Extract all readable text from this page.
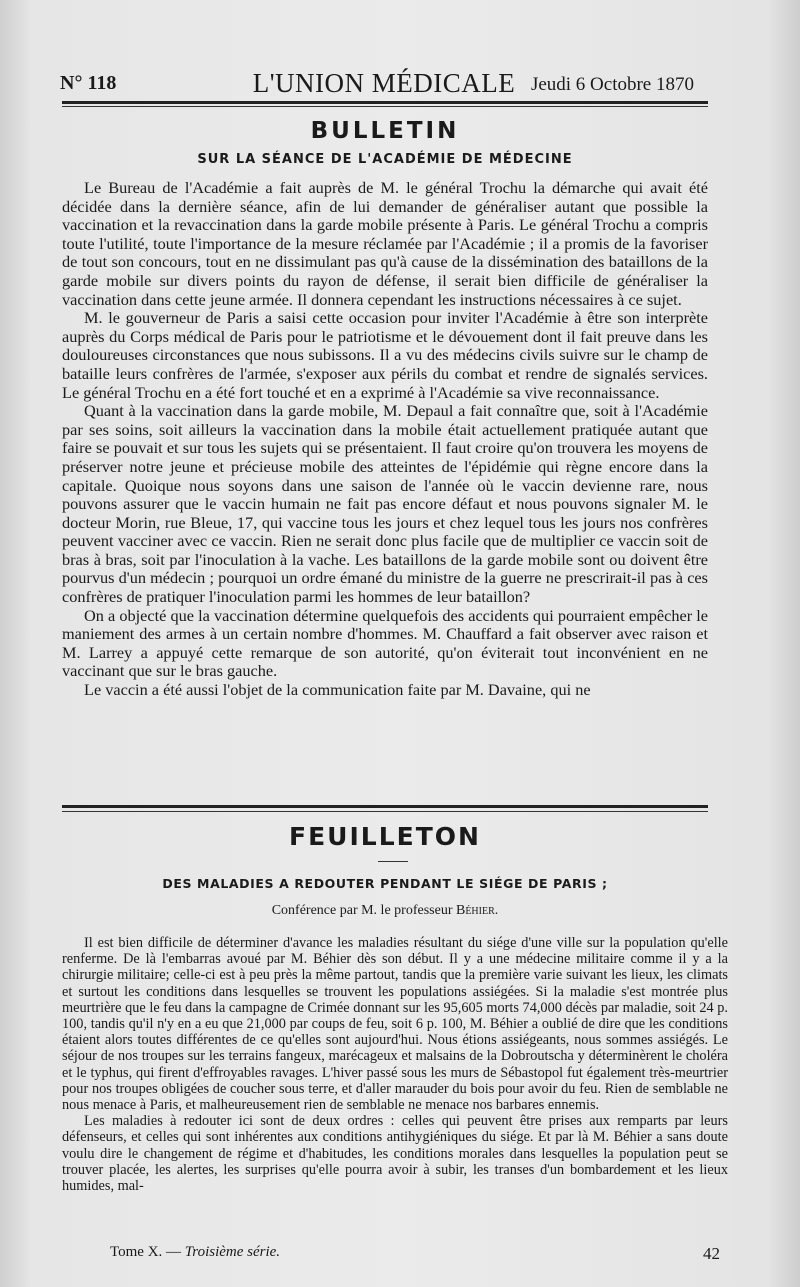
N° 118	L'UNION MÉDICALE Jeudi 6 Octobre 1870
BULLETIN
SUR LA SÉANCE DE L'ACADÉMIE DE MÉDECINE

Le Bureau de l'Académie a fait auprès de M. le général Trochu la démarche qui avait été décidée dans la dernière séance, afin de lui demander de généraliser autant que possible la vaccination et la revaccination dans la garde mobile présente à Paris. Le général Trochu a compris toute l'utilité, toute l'importance de la mesure réclamée par l'Académie ; il a promis de la favoriser de tout son concours, tout en ne dissimulant pas qu'à cause de la dissémination des bataillons de la garde mobile sur divers points du rayon de défense, il serait bien difficile de généraliser la vaccination dans cette jeune armée. Il donnera cependant les instructions nécessaires à ce sujet.

M. le gouverneur de Paris a saisi cette occasion pour inviter l'Académie à être son interprète auprès du Corps médical de Paris pour le patriotisme et le dévouement dont il fait preuve dans les douloureuses circonstances que nous subissons. Il a vu des médecins civils suivre sur le champ de bataille leurs confrères de l'armée, s'exposer aux périls du combat et rendre de signalés services. Le général Trochu en a été fort touché et en a exprimé à l'Académie sa vive reconnaissance.

Quant à la vaccination dans la garde mobile, M. Depaul a fait connaître que, soit à l'Académie par ses soins, soit ailleurs la vaccination dans la mobile était actuellement pratiquée autant que faire se pouvait et sur tous les sujets qui se présentaient. Il faut croire qu'on trouvera les moyens de préserver notre jeune et précieuse mobile des atteintes de l'épidémie qui règne encore dans la capitale. Quoique nous soyons dans une saison de l'année où le vaccin devienne rare, nous pouvons assurer que le vaccin humain ne fait pas encore défaut et nous pouvons signaler M. le docteur Morin, rue Bleue, 17, qui vaccine tous les jours et chez lequel tous les jours nos confrères peuvent vacciner avec ce vaccin. Rien ne serait donc plus facile que de multiplier ce vaccin soit de bras à bras, soit par l'inoculation à la vache. Les bataillons de la garde mobile sont ou doivent être pourvus d'un médecin ; pourquoi un ordre émané du ministre de la guerre ne prescrirait-il pas à ces confrères de pratiquer l'inoculation parmi les hommes de leur bataillon?

On a objecté que la vaccination détermine quelquefois des accidents qui pourraient empêcher le maniement des armes à un certain nombre d'hommes. M. Chauffard a fait observer avec raison et M. Larrey a appuyé cette remarque de son autorité, qu'on éviterait tout inconvénient en ne vaccinant que sur le bras gauche.

Le vaccin a été aussi l'objet de la communication faite par M. Davaine, qui ne

FEUILLETON
DES MALADIES A REDOUTER PENDANT LE SIÉGE DE PARIS ;
Conférence par M. le professeur Béhier.

Il est bien difficile de déterminer d'avance les maladies résultant du siége d'une ville sur la population qu'elle renferme. De là l'embarras avoué par M. Béhier dès son début. Il y a une médecine militaire comme il y a la chirurgie militaire; celle-ci est à peu près la même partout, tandis que la première varie suivant les lieux, les climats et surtout les conditions dans lesquelles se trouvent les populations assiégées. Si la maladie s'est montrée plus meurtrière que le feu dans la campagne de Crimée donnant sur les 95,605 morts 74,000 décès par maladie, soit 24 p. 100, tandis qu'il n'y en a eu que 21,000 par coups de feu, soit 6 p. 100, M. Béhier a oublié de dire que les conditions étaient alors toutes différentes de ce qu'elles sont aujourd'hui. Nous étions assiégeants, nous sommes assiégés. Le séjour de nos troupes sur les terrains fangeux, marécageux et malsains de la Dobroutscha y déterminèrent le choléra et le typhus, qui firent d'effroyables ravages. L'hiver passé sous les murs de Sébastopol fut également très-meurtrier pour nos troupes obligées de coucher sous terre, et d'aller marauder du bois pour avoir du feu. Rien de semblable ne nous menace à Paris, et malheureusement rien de semblable ne menace nos barbares ennemis.

Les maladies à redouter ici sont de deux ordres : celles qui peuvent être prises aux remparts par leurs défenseurs, et celles qui sont inhérentes aux conditions antihygiéniques du siége. Et par là M. Béhier a sans doute voulu dire le changement de régime et d'habitudes, les conditions morales dans lesquelles la population peut se trouver placée, les alertes, les surprises qu'elle pourra avoir à subir, les transes d'un bombardement et les lieux humides, mal-

Tome X. — Troisième série.	42
